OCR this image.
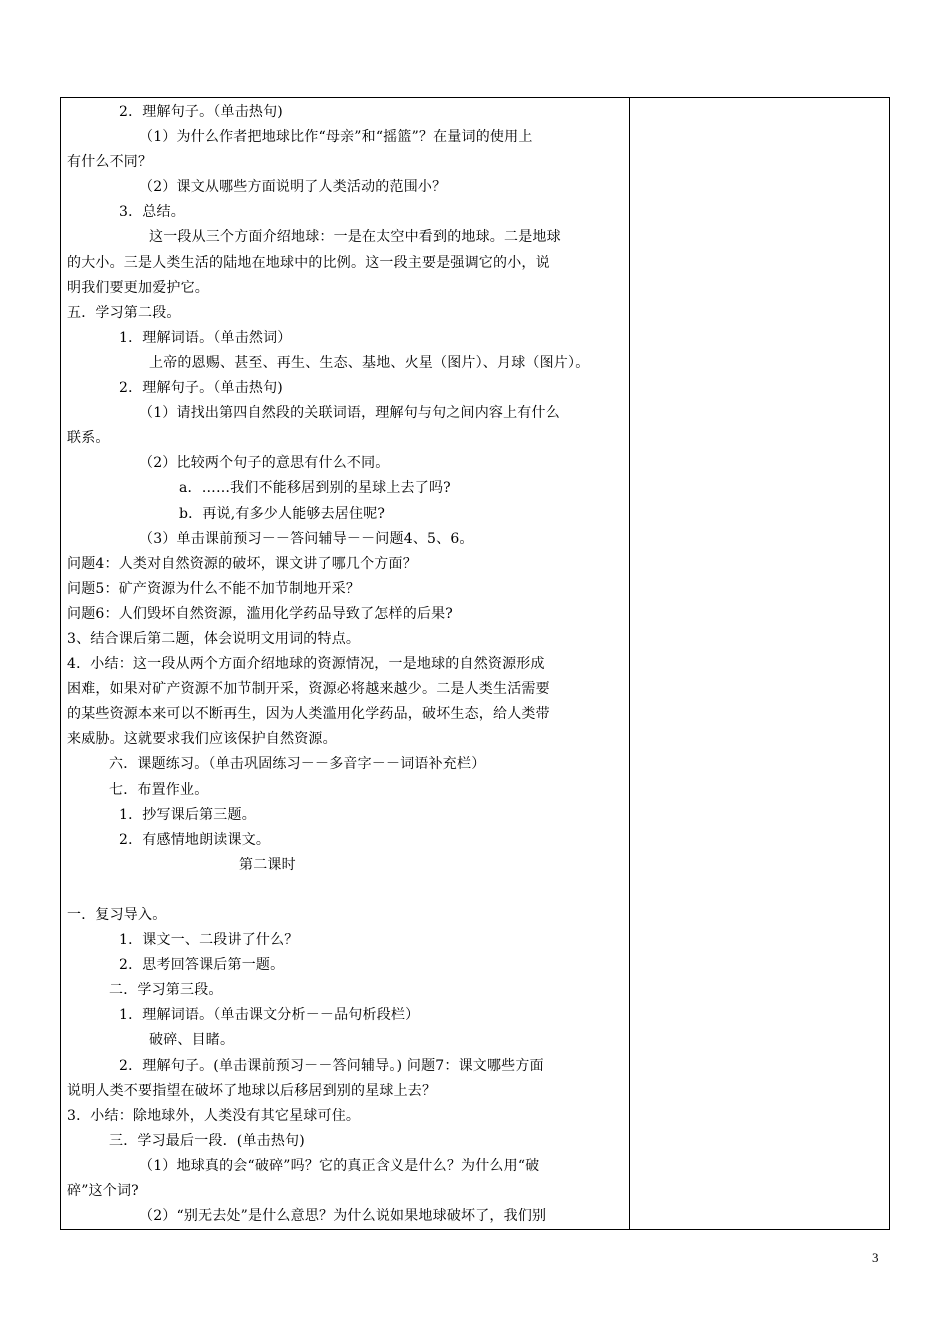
2．理解句子。（单击热句)
（1）为什么作者把地球比作“母亲”和“摇篮”？在量词的使用上
有什么不同？
（2）课文从哪些方面说明了人类活动的范围小？
3．总结。
这一段从三个方面介绍地球：一是在太空中看到的地球。二是地球
的大小。三是人类生活的陆地在地球中的比例。这一段主要是强调它的小，说
明我们要更加爱护它。
五．学习第二段。
1．理解词语。（单击然词）
上帝的恩赐、甚至、再生、生态、基地、火星（图片）、月球（图片）。
2．理解句子。（单击热句)
（1）请找出第四自然段的关联词语，理解句与句之间内容上有什么
联系。
（2）比较两个句子的意思有什么不同。
a．……我们不能移居到别的星球上去了吗?
b．再说,有多少人能够去居住呢?
（3）单击课前预习－－答问辅导－－问题4、5、6。
问题4：人类对自然资源的破坏，课文讲了哪几个方面？
问题5：矿产资源为什么不能不加节制地开采？
问题6：人们毁坏自然资源，滥用化学药品导致了怎样的后果?
3、结合课后第二题，体会说明文用词的特点。
4．小结：这一段从两个方面介绍地球的资源情况，一是地球的自然资源形成
困难，如果对矿产资源不加节制开采，资源必将越来越少。二是人类生活需要
的某些资源本来可以不断再生，因为人类滥用化学药品，破坏生态，给人类带
来威胁。这就要求我们应该保护自然资源。
六．课题练习。（单击巩固练习－－多音字－－词语补充栏）
七．布置作业。
1．抄写课后第三题。
2．有感情地朗读课文。
第二课时
一．复习导入。
1．课文一、二段讲了什么？
2．思考回答课后第一题。
二．学习第三段。
1．理解词语。（单击课文分析－－品句析段栏）
破碎、目睹。
2．理解句子。(单击课前预习－－答问辅导。) 问题7：课文哪些方面
说明人类不要指望在破坏了地球以后移居到别的星球上去？
3．小结：除地球外，人类没有其它星球可住。
三．学习最后一段．(单击热句)
（1）地球真的会“破碎”吗？它的真正含义是什么？为什么用“破
碎”这个词?
（2）“别无去处”是什么意思？为什么说如果地球破坏了，我们别

3
